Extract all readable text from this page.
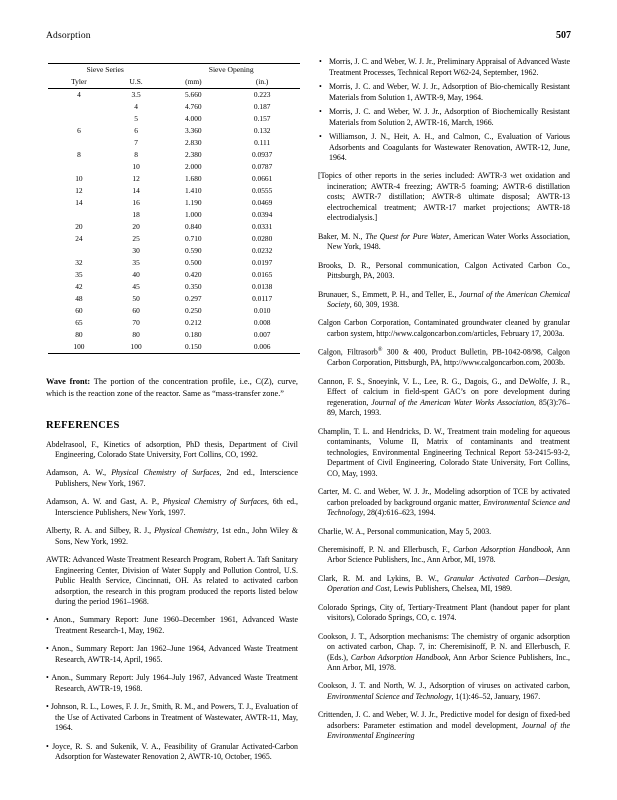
Adsorption	507
Sieve Series		Sieve Opening	
Tyler	U.S.	(mm)	(in.)
4	3.5	5.660	0.223
	4	4.760	0.187
	5	4.000	0.157
6	6	3.360	0.132
	7	2.830	0.111
8	8	2.380	0.0937
	10	2.000	0.0787
10	12	1.680	0.0661
12	14	1.410	0.0555
14	16	1.190	0.0469
	18	1.000	0.0394
20	20	0.840	0.0331
24	25	0.710	0.0280
	30	0.590	0.0232
32	35	0.500	0.0197
35	40	0.420	0.0165
42	45	0.350	0.0138
48	50	0.297	0.0117
60	60	0.250	0.010
65	70	0.212	0.008
80	80	0.180	0.007
100	100	0.150	0.006

Wave front: The portion of the concentration profile, i.e., C(Z), curve, which is the reaction zone of the reactor. Same as “mass-transfer zone.”

REFERENCES

Abdelrasool, F., Kinetics of adsorption, PhD thesis, Department of Civil Engineering, Colorado State University, Fort Collins, CO, 1992.

Adamson, A. W., Physical Chemistry of Surfaces, 2nd ed., Interscience Publishers, New York, 1967.

Adamson, A. W. and Gast, A. P., Physical Chemistry of Surfaces, 6th ed., Interscience Publishers, New York, 1997.

Alberty, R. A. and Silbey, R. J., Physical Chemistry, 1st edn., John Wiley & Sons, New York, 1992.

AWTR: Advanced Waste Treatment Research Program, Robert A. Taft Sanitary Engineering Center, Division of Water Supply and Pollution Control, U.S. Public Health Service, Cincinnati, OH. As related to activated carbon adsorption, the research in this program produced the reports listed below during the period 1961–1968.

• Anon., Summary Report: June 1960–December 1961, Advanced Waste Treatment Research-1, May, 1962.

• Anon., Summary Report: Jan 1962–June 1964, Advanced Waste Treatment Research, AWTR-14, April, 1965.

• Anon., Summary Report: July 1964–July 1967, Advanced Waste Treatment Research, AWTR-19, 1968.

• Johnson, R. L., Lowes, F. J. Jr., Smith, R. M., and Powers, T. J., Evaluation of the Use of Activated Carbons in Treatment of Wastewater, AWTR-11, May, 1964.

• Joyce, R. S. and Sukenik, V. A., Feasibility of Granular Activated-Carbon Adsorption for Wastewater Renovation 2, AWTR-10, October, 1965.

• Morris, J. C. and Weber, W. J. Jr., Preliminary Appraisal of Advanced Waste Treatment Processes, Technical Report W62-24, September, 1962.
• Morris, J. C. and Weber, W. J. Jr., Adsorption of Bio-chemically Resistant Materials from Solution 1, AWTR-9, May, 1964.
• Morris, J. C. and Weber, W. J. Jr., Adsorption of Biochemically Resistant Materials from Solution 2, AWTR-16, March, 1966.
• Williamson, J. N., Heit, A. H., and Calmon, C., Evaluation of Various Adsorbents and Coagulants for Wastewater Renovation, AWTR-12, June, 1964.

[Topics of other reports in the series included: AWTR-3 wet oxidation and incineration; AWTR-4 freezing; AWTR-5 foaming; AWTR-6 distillation costs; AWTR-7 distillation; AWTR-8 ultimate disposal; AWTR-13 electrochemical treatment; AWTR-17 market projections; AWTR-18 electrodialysis.]

Baker, M. N., The Quest for Pure Water, American Water Works Association, New York, 1948.

Brooks, D. R., Personal communication, Calgon Activated Carbon Co., Pittsburgh, PA, 2003.

Brunauer, S., Emmett, P. H., and Teller, E., Journal of the American Chemical Society, 60, 309, 1938.

Calgon Carbon Corporation, Contaminated groundwater cleaned by granular carbon system, http://www.calgoncarbon.com/articles, February 17, 2003a.

Calgon, Filtrasorb® 300 & 400, Product Bulletin, PB-1042-08/98, Calgon Carbon Corporation, Pittsburgh, PA, http://www.calgoncarbon.com, 2003b.

Cannon, F. S., Snoeyink, V. L., Lee, R. G., Dagois, G., and DeWolfe, J. R., Effect of calcium in field-spent GAC’s on pore development during regeneration, Journal of the American Water Works Association, 85(3):76–89, March, 1993.

Champlin, T. L. and Hendricks, D. W., Treatment train modeling for aqueous contaminants, Volume II, Matrix of contaminants and treatment technologies, Environmental Engineering Technical Report 53-2415-93-2, Department of Civil Engineering, Colorado State University, Fort Collins, CO, May, 1993.

Carter, M. C. and Weber, W. J. Jr., Modeling adsorption of TCE by activated carbon preloaded by background organic matter, Environmental Science and Technology, 28(4):616–623, 1994.

Charlie, W. A., Personal communication, May 5, 2003.

Cheremisinoff, P. N. and Ellerbusch, F., Carbon Adsorption Handbook, Ann Arbor Science Publishers, Inc., Ann Arbor, MI, 1978.

Clark, R. M. and Lykins, B. W., Granular Activated Carbon—Design, Operation and Cost, Lewis Publishers, Chelsea, MI, 1989.

Colorado Springs, City of, Tertiary-Treatment Plant (handout paper for plant visitors), Colorado Springs, CO, c. 1974.

Cookson, J. T., Adsorption mechanisms: The chemistry of organic adsorption on activated carbon, Chap. 7, in: Cheremisinoff, P. N. and Ellerbusch, F. (Eds.), Carbon Adsorption Handbook, Ann Arbor Science Publishers, Inc., Ann Arbor, MI, 1978.

Cookson, J. T. and North, W. J., Adsorption of viruses on activated carbon, Environmental Science and Technology, 1(1):46–52, January, 1967.

Crittenden, J. C. and Weber, W. J. Jr., Predictive model for design of fixed-bed adsorbers: Parameter estimation and model development, Journal of the Environmental Engineering
